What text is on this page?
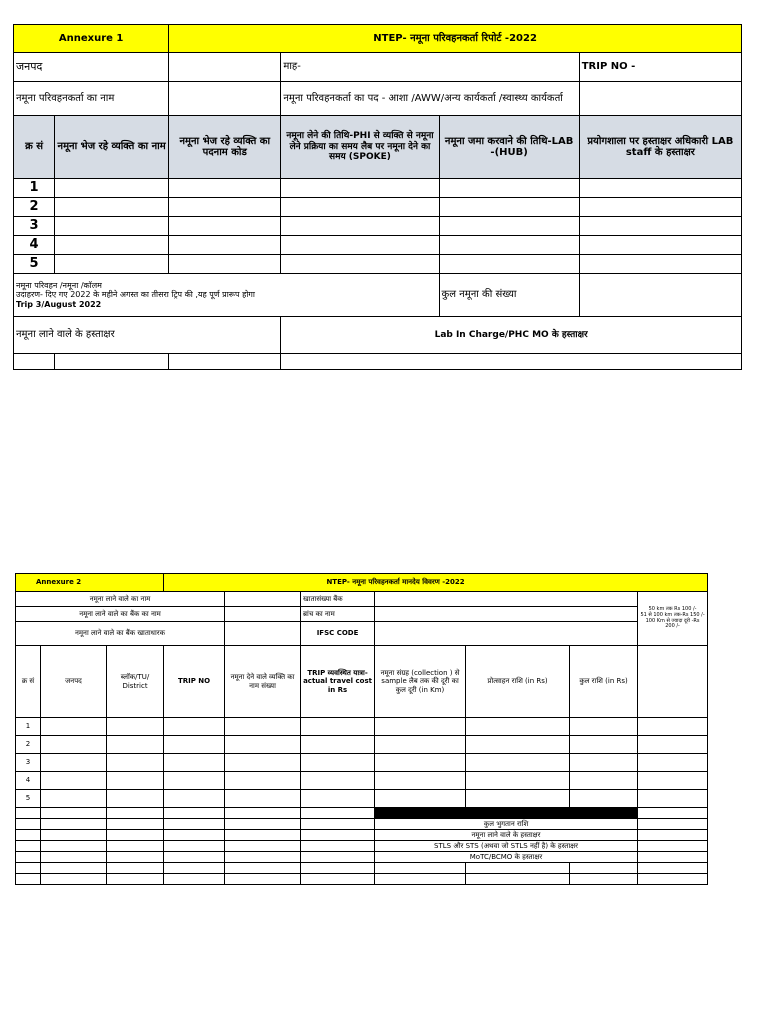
Annexure 1		NTEP- नमूना परिवहनकर्ता रिपोर्ट -2022			
जनपद			माह-		TRIP NO -
नमूना परिवहनकर्ता का नाम			नमूना परिवहनकर्ता का पद - आशा /AWW/अन्य कार्यकर्ता /स्वास्थ्य कार्यकर्ता		
क्र सं	नमूना भेज रहे व्यक्ति का नाम	नमूना भेज रहे व्यक्ति का पदनाम कोड	नमूना लेने की तिथि-PHI से व्यक्ति से नमूना लेने प्रक्रिया का समय लैब पर नमूना देने का समय (SPOKE)	नमूना जमा करवाने की तिथि-LAB -(HUB)	प्रयोगशाला पर हस्ताक्षर अधिकारी LAB staff के हस्ताक्षर
1					
2					
3					
4					
5					

नमूना परिवहन /नमूना /कॉलम
उदाहरण- दिए गए 2022 के महीने अगस्त का तीसरा ट्रिप की ,यह पूर्ण प्रारूप होगा
Trip 3/August 2022				कुल नमूना की संख्या	
नमूना लाने वाले के हस्ताक्षर			Lab In Charge/PHC MO के हस्ताक्षर		

Annexure 2			NTEP- नमूना परिवहनकर्ता मानदेय विवरण -2022						
नमूना लाने वाले का नाम					खातासंख्या बैंक				50 km तक Rs 100 /-
51 से 100 km तक-Rs 150 /-
100 Km से ज्यादा दूरी -Rs 200 /-

नमूना लाने वाले का बैंक का नाम					ब्रांच का नाम				
नमूना लाने वाले का बैंक खाताधारक					IFSC CODE				
क्र सं	जनपद	ब्लॉक/TU/ District	TRIP NO	नमूना देने वाले व्यक्ति का नाम संख्या	TRIP व्यवस्थित यात्रा- actual travel cost in Rs	नमूना संग्रह (collection ) से sample लैब तक की दूरी का कुल दूरी (in Km)	प्रोत्साहन राशि (in Rs)	कुल राशि (in Rs)	
1									
2									
3									
4									
5									

						कुल भुगतान राशि			
						नमूना लाने वाले के हस्ताक्षर			
						STLS और STS (अथवा जो STLS नहीं है) के हस्ताक्षर			
						MoTC/BCMO के हस्ताक्षर			
